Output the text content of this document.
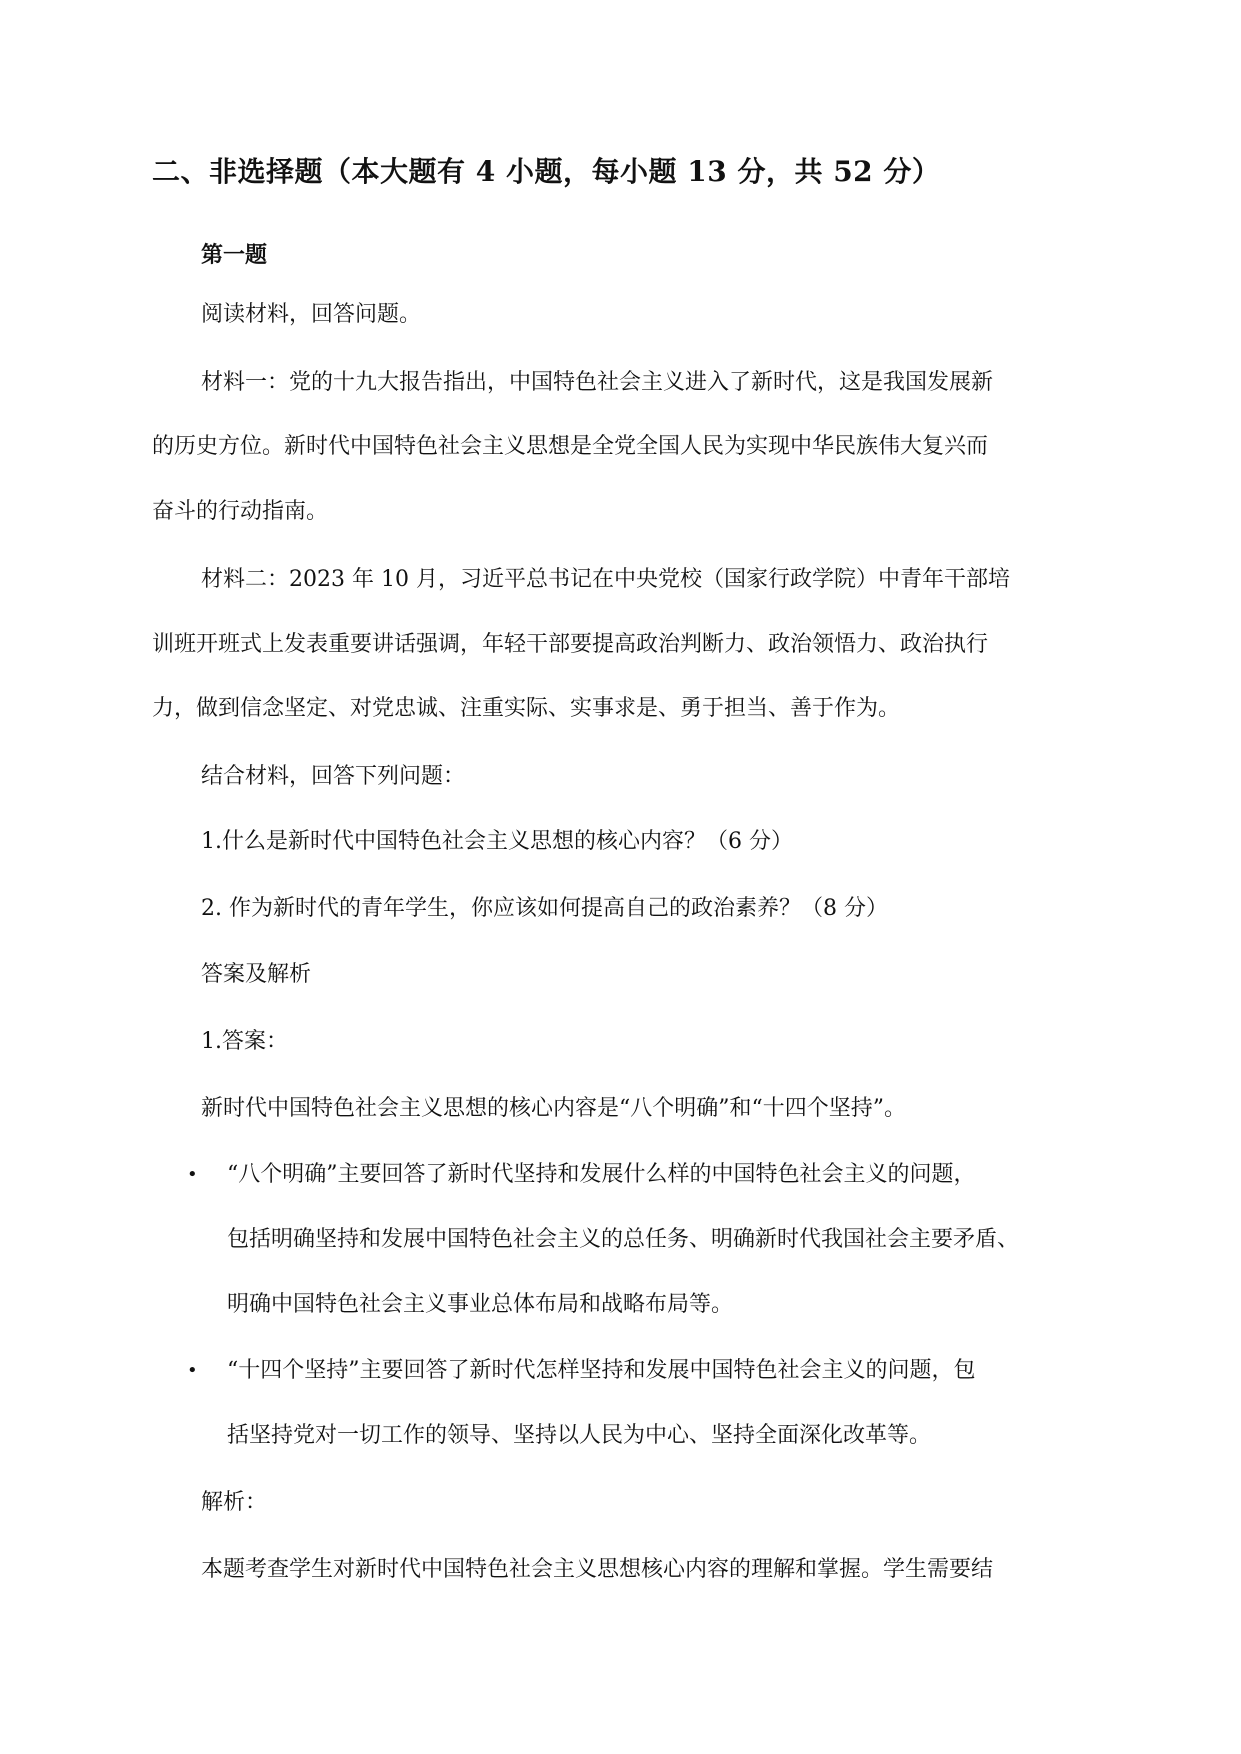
二、非选择题（本大题有 4 小题，每小题 13 分，共 52 分）
第一题

阅读材料，回答问题。

材料一：党的十九大报告指出，中国特色社会主义进入了新时代，这是我国发展新

的历史方位。新时代中国特色社会主义思想是全党全国人民为实现中华民族伟大复兴而

奋斗的行动指南。

材料二：2023 年 10 月，习近平总书记在中央党校（国家行政学院）中青年干部培

训班开班式上发表重要讲话强调，年轻干部要提高政治判断力、政治领悟力、政治执行

力，做到信念坚定、对党忠诚、注重实际、实事求是、勇于担当、善于作为。

结合材料，回答下列问题：

1.什么是新时代中国特色社会主义思想的核心内容？（6 分）

2. 作为新时代的青年学生，你应该如何提高自己的政治素养？（8 分）

答案及解析

1.答案：

新时代中国特色社会主义思想的核心内容是“八个明确”和“十四个坚持”。

• “八个明确”主要回答了新时代坚持和发展什么样的中国特色社会主义的问题，

包括明确坚持和发展中国特色社会主义的总任务、明确新时代我国社会主要矛盾、

明确中国特色社会主义事业总体布局和战略布局等。

• “十四个坚持”主要回答了新时代怎样坚持和发展中国特色社会主义的问题，包

括坚持党对一切工作的领导、坚持以人民为中心、坚持全面深化改革等。

解析：

本题考查学生对新时代中国特色社会主义思想核心内容的理解和掌握。学生需要结
